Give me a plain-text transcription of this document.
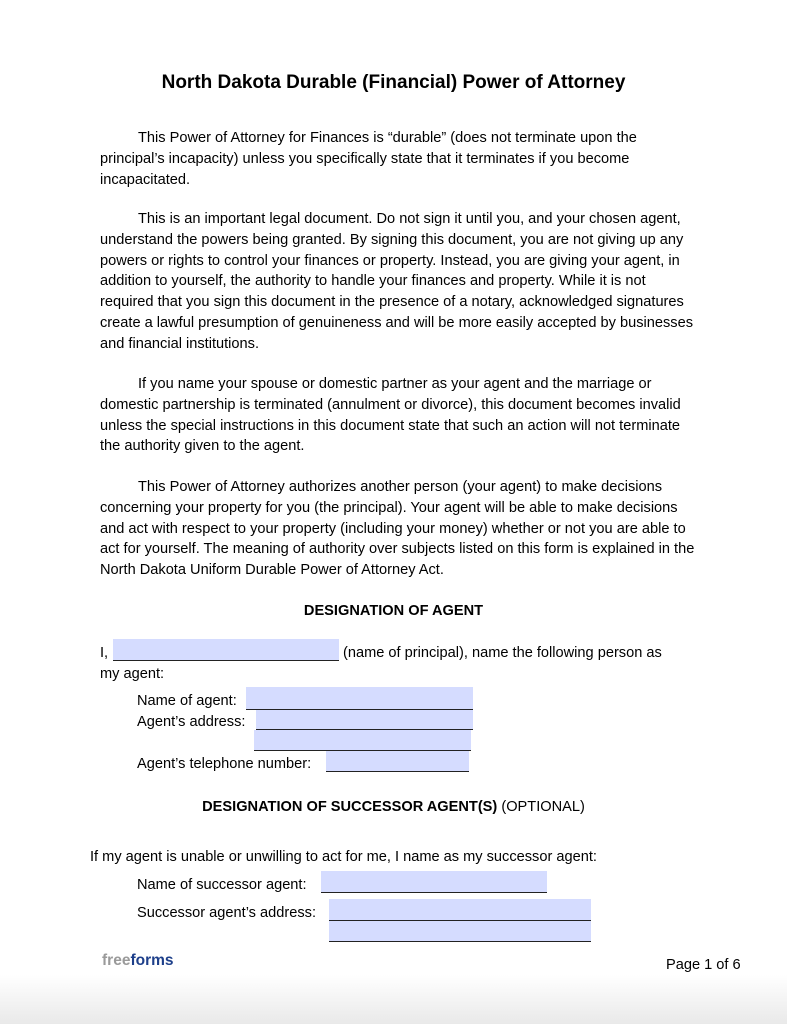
North Dakota Durable (Financial) Power of Attorney

This Power of Attorney for Finances is “durable” (does not terminate upon the principal’s incapacity) unless you specifically state that it terminates if you become incapacitated.

This is an important legal document. Do not sign it until you, and your chosen agent, understand the powers being granted. By signing this document, you are not giving up any powers or rights to control your finances or property. Instead, you are giving your agent, in addition to yourself, the authority to handle your finances and property. While it is not required that you sign this document in the presence of a notary, acknowledged signatures create a lawful presumption of genuineness and will be more easily accepted by businesses and financial institutions.

If you name your spouse or domestic partner as your agent and the marriage or domestic partnership is terminated (annulment or divorce), this document becomes invalid unless the special instructions in this document state that such an action will not terminate the authority given to the agent.

This Power of Attorney authorizes another person (your agent) to make decisions concerning your property for you (the principal). Your agent will be able to make decisions and act with respect to your property (including your money) whether or not you are able to act for yourself. The meaning of authority over subjects listed on this form is explained in the North Dakota Uniform Durable Power of Attorney Act.

DESIGNATION OF AGENT
I,	(name of principal), name the following person as
my agent:
Name of agent:
Agent’s address:
Agent’s telephone number:
DESIGNATION OF SUCCESSOR AGENT(S) (OPTIONAL)
If my agent is unable or unwilling to act for me, I name as my successor agent:
Name of successor agent:
Successor agent’s address:
freeforms	Page 1 of 6
